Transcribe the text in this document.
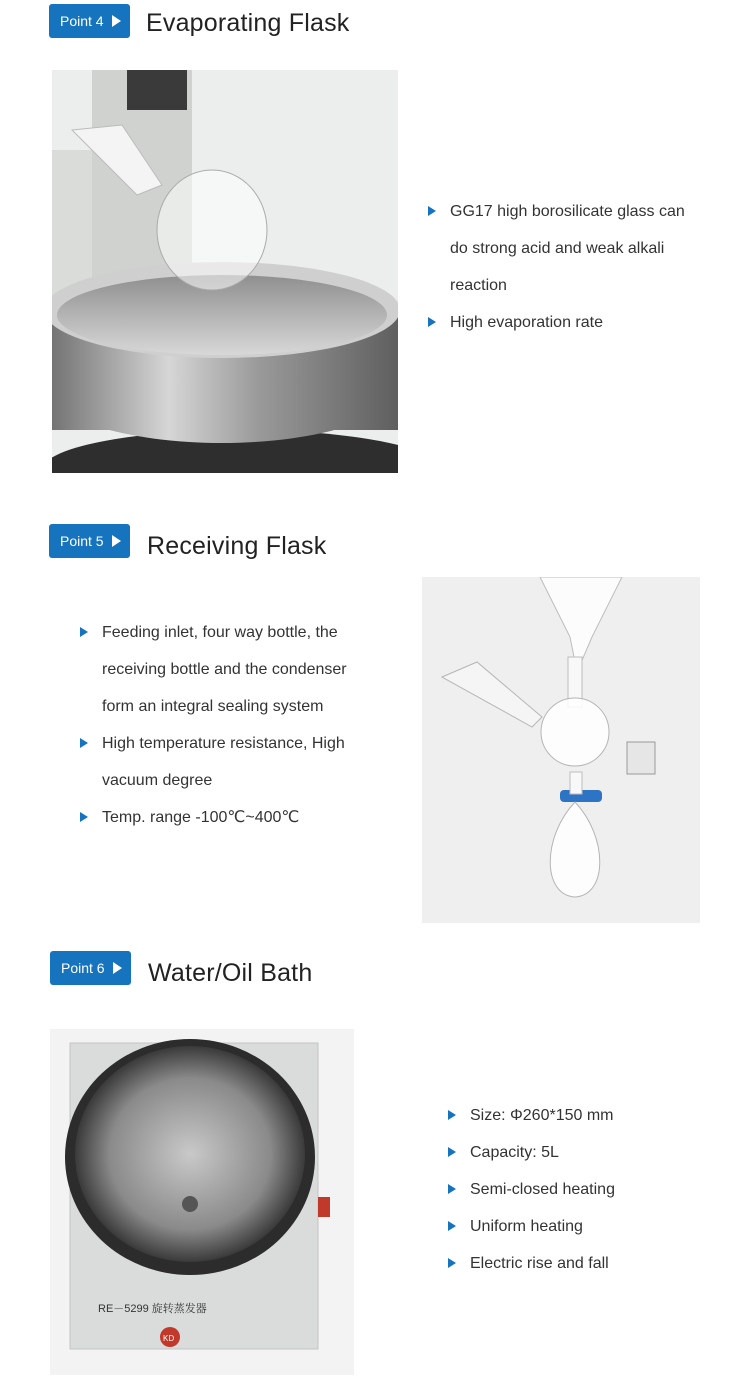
Point 4	Evaporating Flask
GG17 high borosilicate glass can do strong acid and weak alkali reaction
High evaporation rate
Point 5	Receiving Flask
Feeding inlet, four way bottle, the receiving bottle and the condenser form an integral sealing system
High temperature resistance, High vacuum degree
Temp. range -100℃~400℃
Point 6	Water/Oil Bath
RE－5299 旋转蒸发器
KD
Size: Φ260*150 mm
Capacity: 5L
Semi-closed heating
Uniform heating
Electric rise and fall
